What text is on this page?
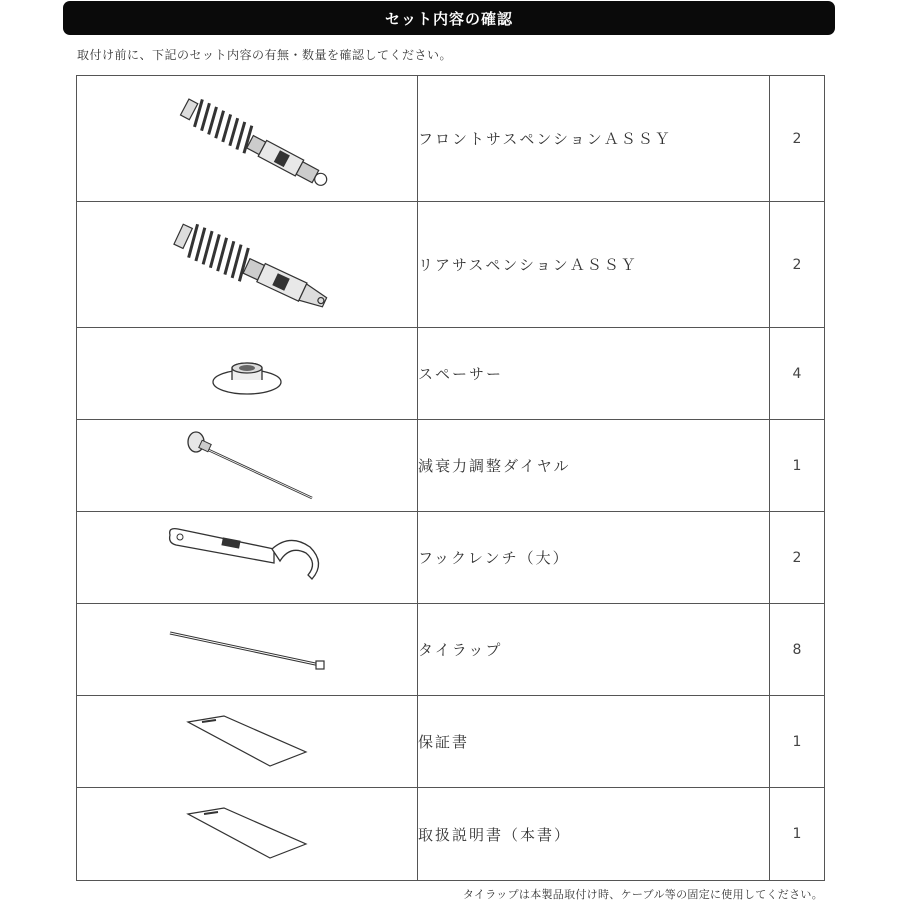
セット内容の確認
取付け前に、下記のセット内容の有無・数量を確認してください。
	フロントサスペンションＡＳＳＹ	2

	リアサスペンションＡＳＳＹ	2

	スペーサー	4

	減衰力調整ダイヤル	1

	フックレンチ（大）	2

	タイラップ	8

	保証書	1

	取扱説明書（本書）	1
タイラップは本製品取付け時、ケーブル等の固定に使用してください。
